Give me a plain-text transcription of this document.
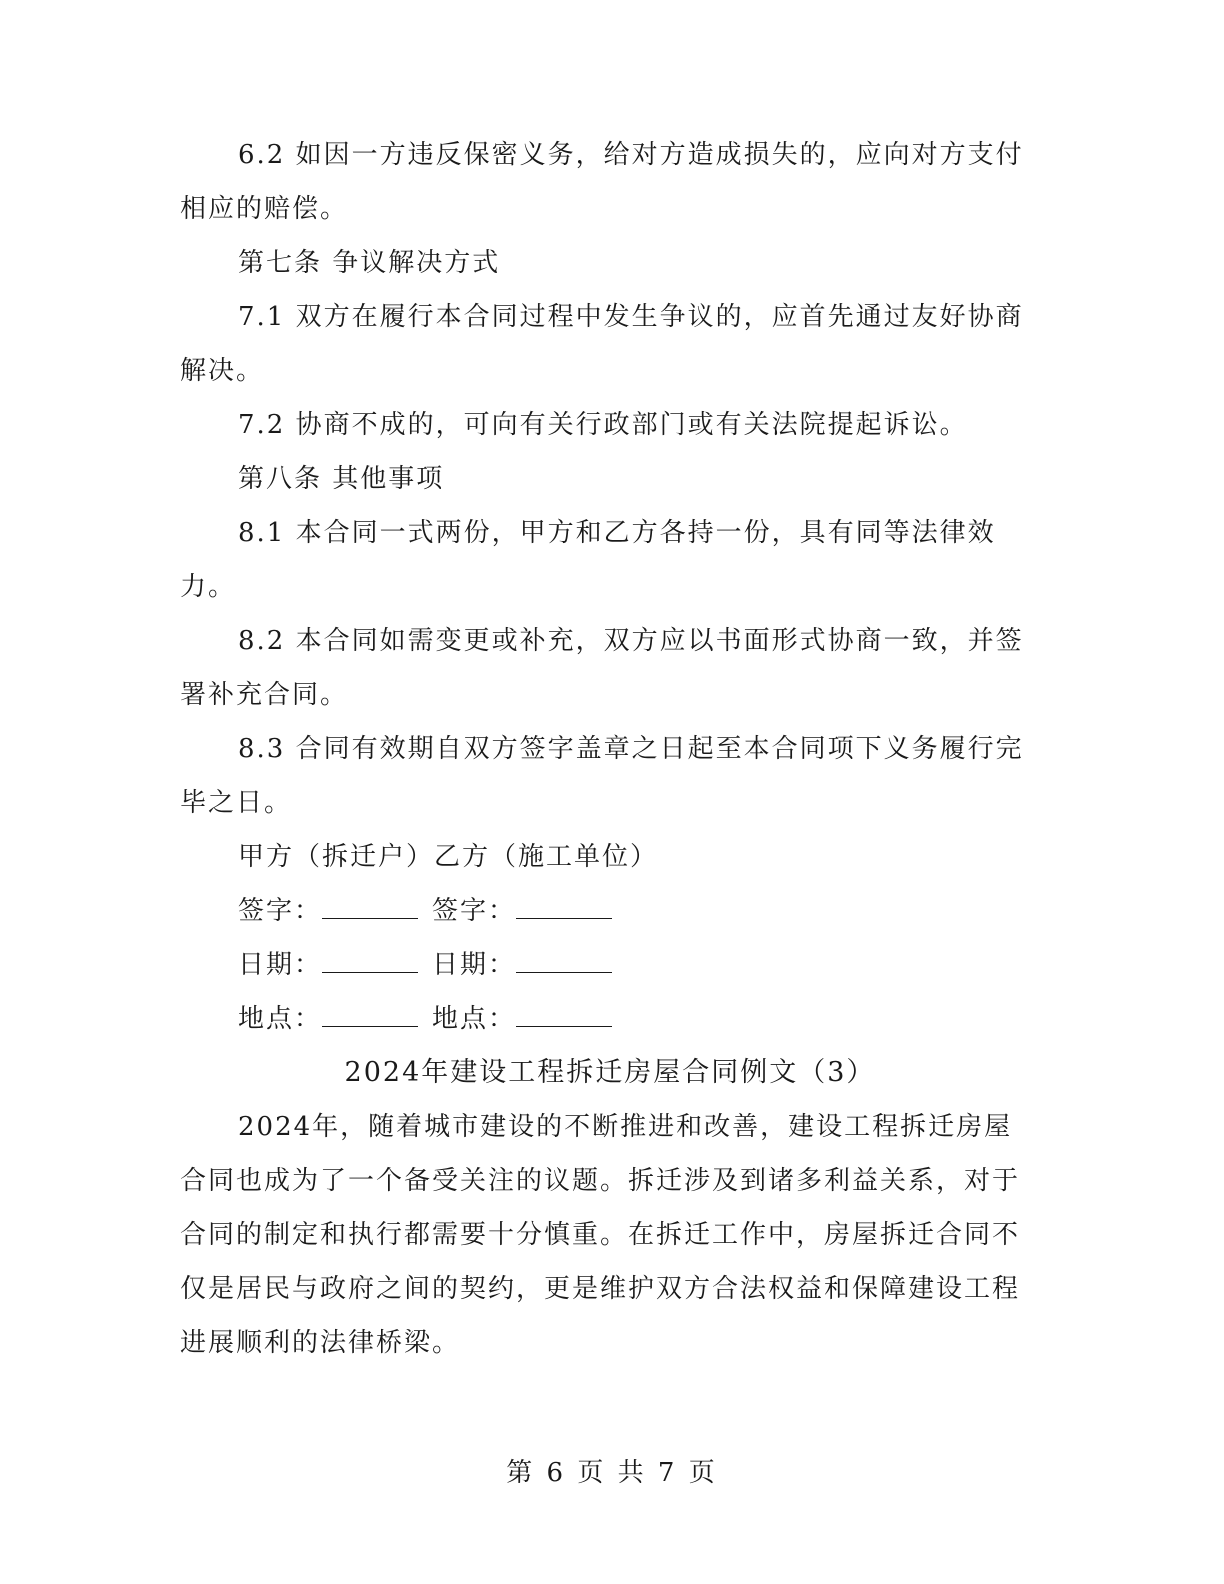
6.2 如因一方违反保密义务，给对方造成损失的，应向对方支付相应的赔偿。

第七条 争议解决方式

7.1 双方在履行本合同过程中发生争议的，应首先通过友好协商解决。

7.2 协商不成的，可向有关行政部门或有关法院提起诉讼。

第八条 其他事项

8.1 本合同一式两份，甲方和乙方各持一份，具有同等法律效力。

8.2 本合同如需变更或补充，双方应以书面形式协商一致，并签署补充合同。

8.3 合同有效期自双方签字盖章之日起至本合同项下义务履行完毕之日。

甲方（拆迁户）乙方（施工单位）

签字：	签字：
日期：	日期：
地点：	地点：

2024年建设工程拆迁房屋合同例文（3）

2024年，随着城市建设的不断推进和改善，建设工程拆迁房屋合同也成为了一个备受关注的议题。拆迁涉及到诸多利益关系，对于合同的制定和执行都需要十分慎重。在拆迁工作中，房屋拆迁合同不仅是居民与政府之间的契约，更是维护双方合法权益和保障建设工程进展顺利的法律桥梁。

第 6 页 共 7 页
